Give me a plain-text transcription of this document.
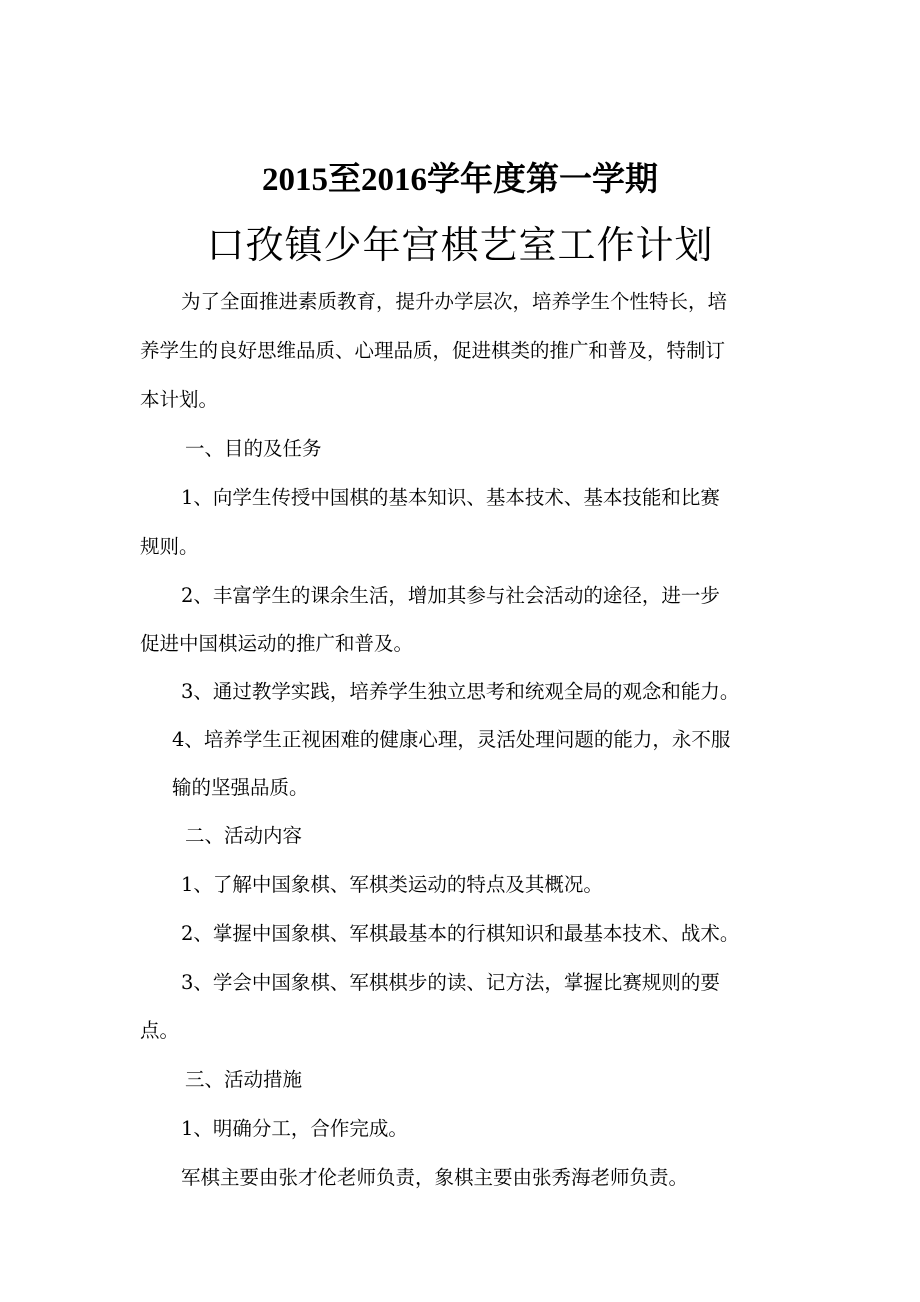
2015至2016学年度第一学期
口孜镇少年宫棋艺室工作计划
为了全面推进素质教育，提升办学层次，培养学生个性特长，培
养学生的良好思维品质、心理品质，促进棋类的推广和普及，特制订
本计划。
一、目的及任务
1、向学生传授中国棋的基本知识、基本技术、基本技能和比赛
规则。
2、丰富学生的课余生活，增加其参与社会活动的途径，进一步
促进中国棋运动的推广和普及。
3、通过教学实践，培养学生独立思考和统观全局的观念和能力。
4、培养学生正视困难的健康心理，灵活处理问题的能力，永不服
输的坚强品质。
二、活动内容
1、了解中国象棋、军棋类运动的特点及其概况。
2、掌握中国象棋、军棋最基本的行棋知识和最基本技术、战术。
3、学会中国象棋、军棋棋步的读、记方法，掌握比赛规则的要
点。
三、活动措施
1、明确分工，合作完成。
军棋主要由张才伦老师负责，象棋主要由张秀海老师负责。
